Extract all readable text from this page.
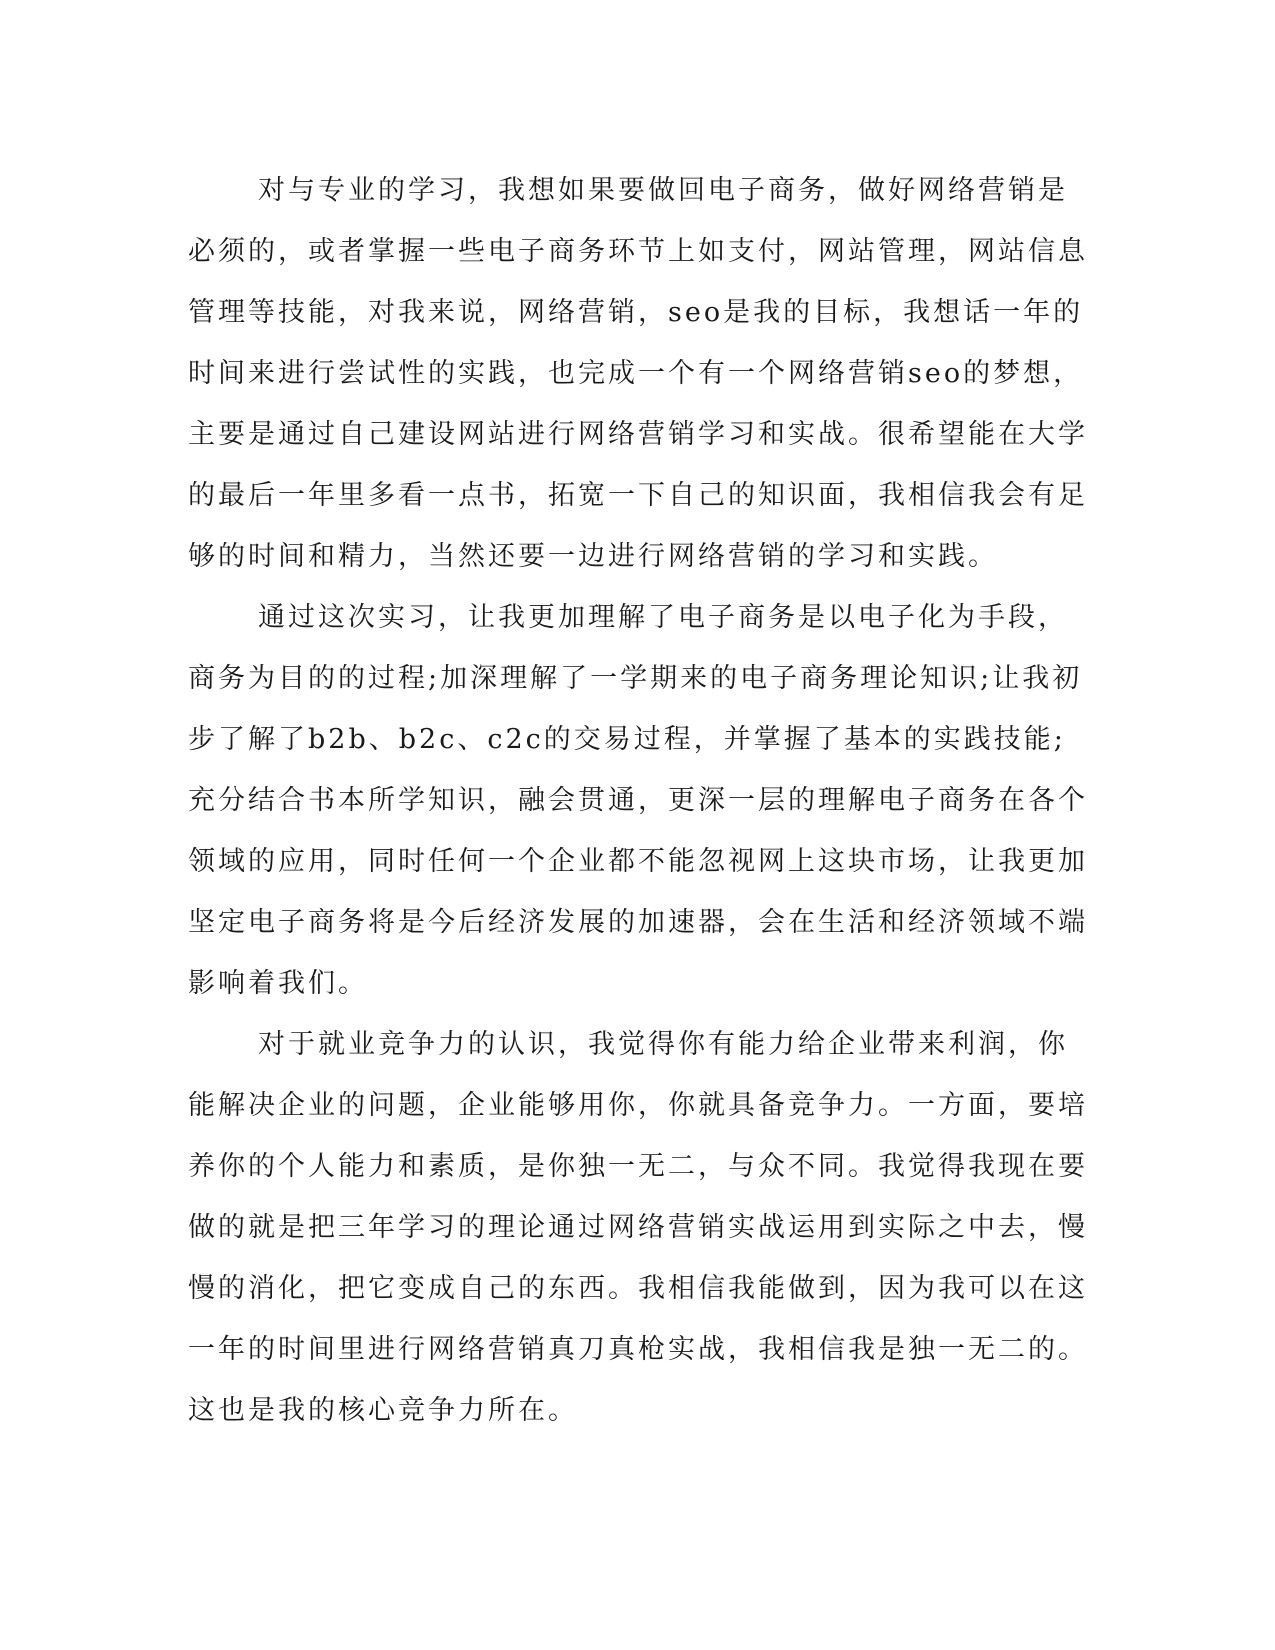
对与专业的学习，我想如果要做回电子商务，做好网络营销是必须的，或者掌握一些电子商务环节上如支付，网站管理，网站信息管理等技能，对我来说，网络营销，seo是我的目标，我想话一年的时间来进行尝试性的实践，也完成一个有一个网络营销seo的梦想，主要是通过自己建设网站进行网络营销学习和实战。很希望能在大学的最后一年里多看一点书，拓宽一下自己的知识面，我相信我会有足够的时间和精力，当然还要一边进行网络营销的学习和实践。

通过这次实习，让我更加理解了电子商务是以电子化为手段，商务为目的的过程;加深理解了一学期来的电子商务理论知识;让我初步了解了b2b、b2c、c2c的交易过程，并掌握了基本的实践技能;充分结合书本所学知识，融会贯通，更深一层的理解电子商务在各个领域的应用，同时任何一个企业都不能忽视网上这块市场，让我更加坚定电子商务将是今后经济发展的加速器，会在生活和经济领域不端影响着我们。

对于就业竞争力的认识，我觉得你有能力给企业带来利润，你能解决企业的问题，企业能够用你，你就具备竞争力。一方面，要培养你的个人能力和素质，是你独一无二，与众不同。我觉得我现在要做的就是把三年学习的理论通过网络营销实战运用到实际之中去，慢慢的消化，把它变成自己的东西。我相信我能做到，因为我可以在这一年的时间里进行网络营销真刀真枪实战，我相信我是独一无二的。这也是我的核心竞争力所在。
